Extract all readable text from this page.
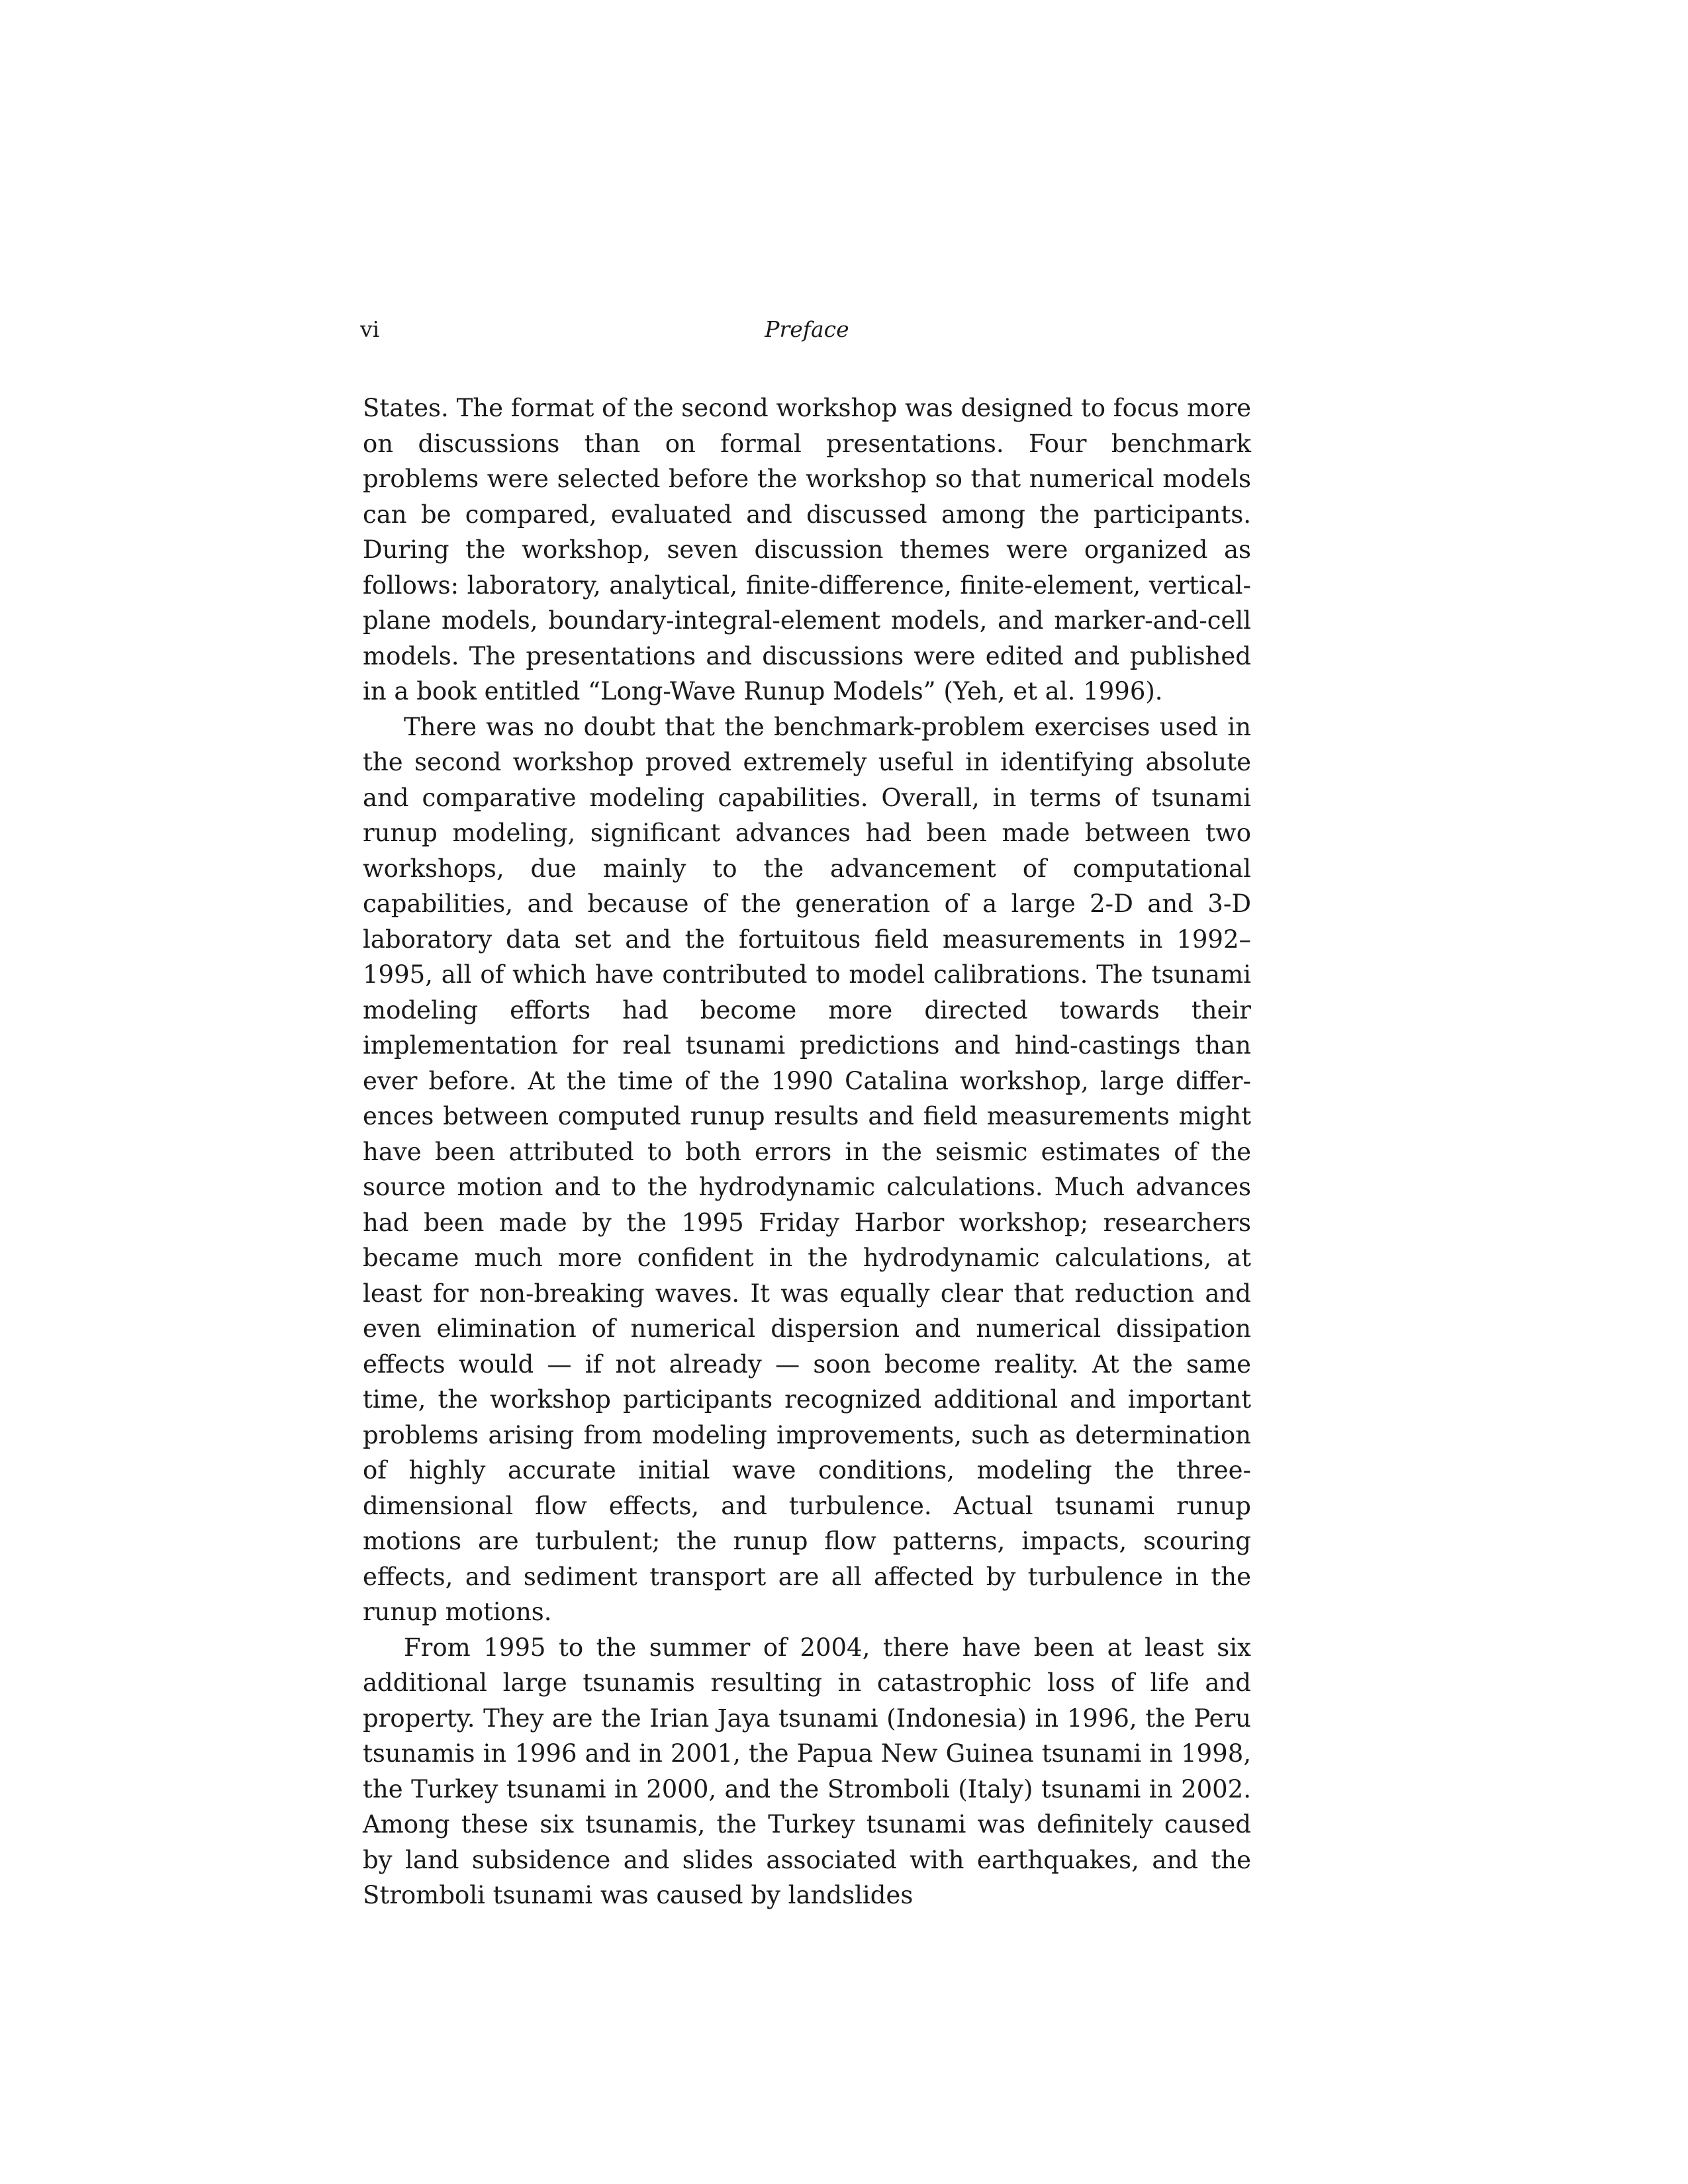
vi	Preface

States. The format of the second workshop was designed to focus more on discussions than on formal presentations. Four benchmark problems were selected before the workshop so that numerical models can be compared, evaluated and discussed among the participants. During the workshop, seven discussion themes were organized as follows: laboratory, analytical, finite-difference, finite-element, vertical-plane models, boundary-integral-element models, and marker-and-cell models. The presentations and discussions were edited and published in a book entitled “Long-Wave Runup Models” (Yeh, et al. 1996).

There was no doubt that the benchmark-problem exercises used in the second workshop proved extremely useful in identifying absolute and comparative modeling capabilities. Overall, in terms of tsunami runup modeling, significant advances had been made between two workshops, due mainly to the advancement of computational capabilities, and because of the generation of a large 2-D and 3-D laboratory data set and the fortuitous field measurements in 1992–1995, all of which have contributed to model calibrations. The tsunami modeling efforts had become more directed towards their implementation for real tsunami predictions and hind-castings than ever before. At the time of the 1990 Catalina workshop, large differences between computed runup results and field measurements might have been attributed to both errors in the seismic estimates of the source motion and to the hydrodynamic calculations. Much advances had been made by the 1995 Friday Harbor workshop; researchers became much more confident in the hydrodynamic calculations, at least for non-breaking waves. It was equally clear that reduction and even elimination of numerical dispersion and numerical dissipation effects would — if not already — soon become reality. At the same time, the workshop participants recognized additional and important problems arising from modeling improvements, such as determination of highly accurate initial wave conditions, modeling the three-dimensional flow effects, and turbulence. Actual tsunami runup motions are turbulent; the runup flow patterns, impacts, scouring effects, and sediment transport are all affected by turbulence in the runup motions.

From 1995 to the summer of 2004, there have been at least six additional large tsunamis resulting in catastrophic loss of life and property. They are the Irian Jaya tsunami (Indonesia) in 1996, the Peru tsunamis in 1996 and in 2001, the Papua New Guinea tsunami in 1998, the Turkey tsunami in 2000, and the Stromboli (Italy) tsunami in 2002. Among these six tsunamis, the Turkey tsunami was definitely caused by land subsidence and slides associated with earthquakes, and the Stromboli tsunami was caused by landslides
